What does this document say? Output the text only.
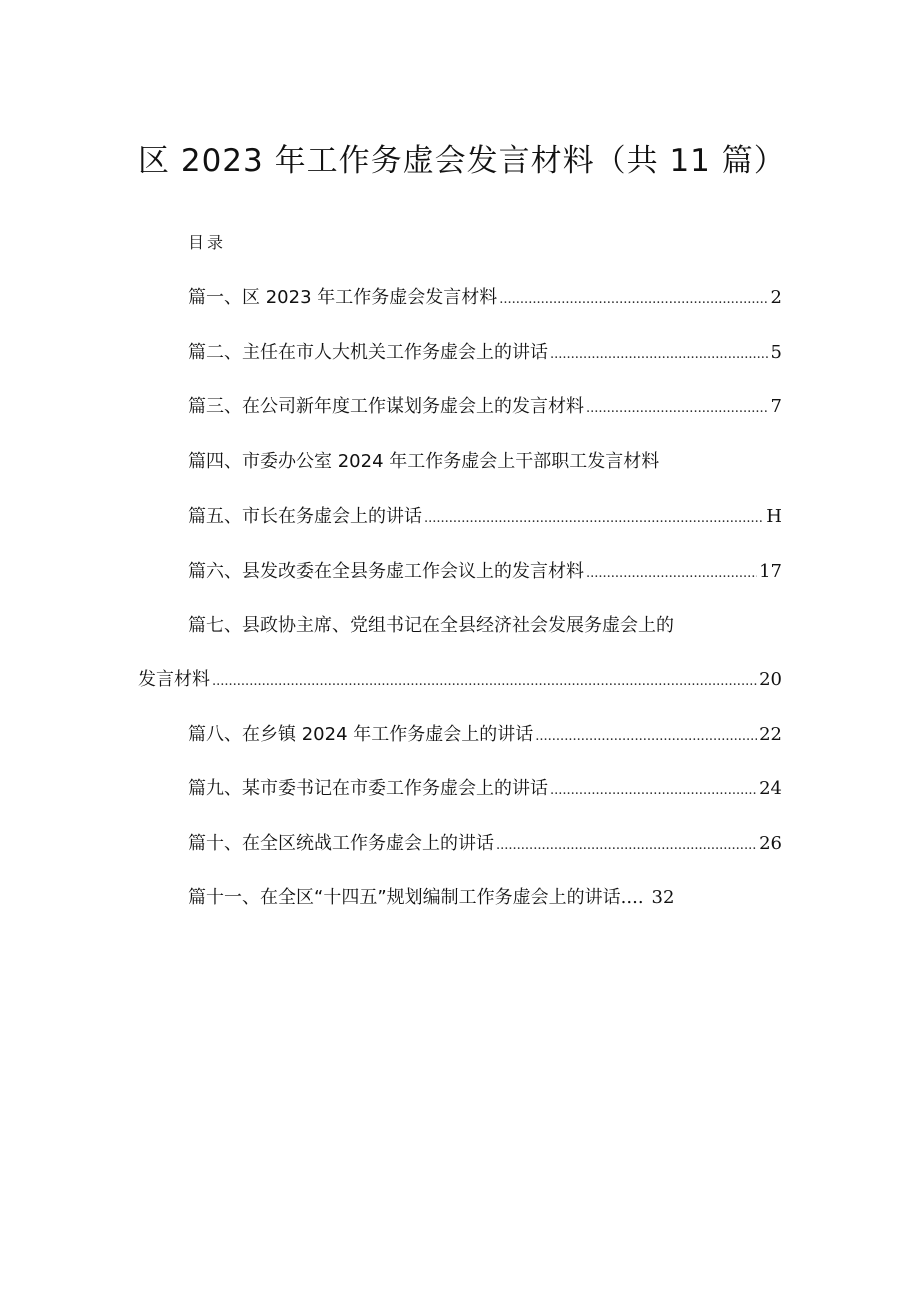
区 2023 年工作务虚会发言材料（共 11 篇）
目录
篇一、区 2023 年工作务虚会发言材料 .....	2
篇二、主任在市人大机关工作务虚会上的讲话 .....	5
篇三、在公司新年度工作谋划务虚会上的发言材料 .....	7
篇四、市委办公室 2024 年工作务虚会上干部职工发言材料
篇五、市长在务虚会上的讲话 .....	H
篇六、县发改委在全县务虚工作会议上的发言材料 .....	17
篇七、县政协主席、党组书记在全县经济社会发展务虚会上的
发言材料 .....	20
篇八、在乡镇 2024 年工作务虚会上的讲话 .....	22
篇九、某市委书记在市委工作务虚会上的讲话 .....	24
篇十、在全区统战工作务虚会上的讲话 .....	26
篇十一、在全区“十四五”规划编制工作务虚会上的讲话 .... 32
